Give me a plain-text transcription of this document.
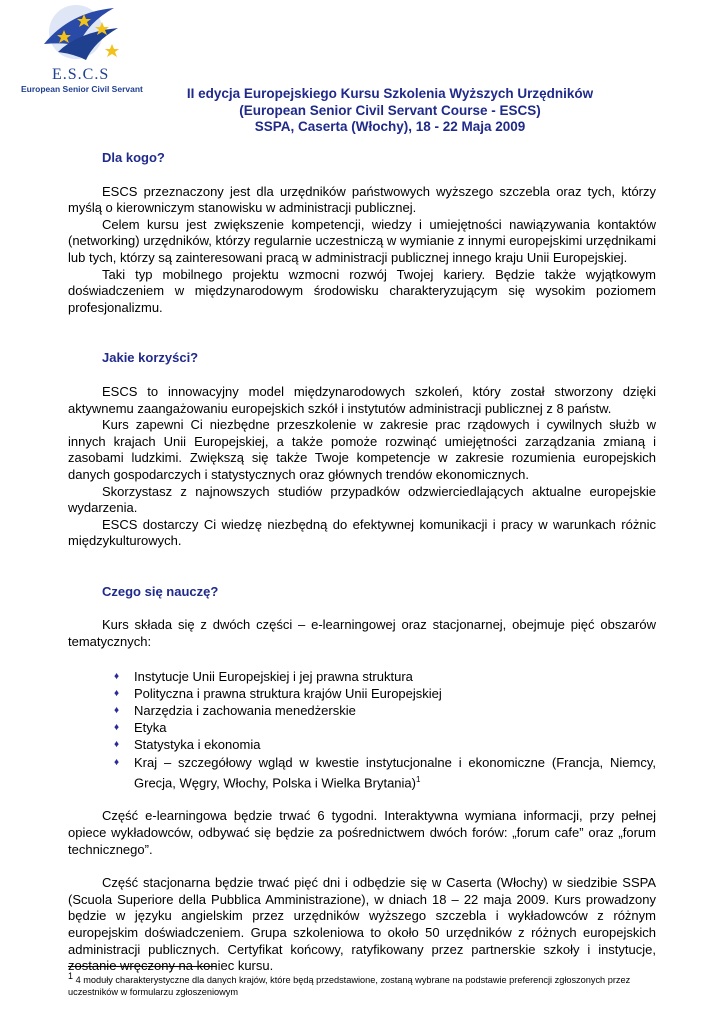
E.S.C.S
European Senior Civil Servant	II edycja Europejskiego Kursu Szkolenia Wyższych Urzędników
(European Senior Civil Servant Course - ESCS)
SSPA, Caserta (Włochy), 18 - 22 Maja 2009
Dla kogo?

ESCS przeznaczony jest dla urzędników państwowych wyższego szczebla oraz tych, którzy myślą o kierowniczym stanowisku w administracji publicznej.

Celem kursu jest zwiększenie kompetencji, wiedzy i umiejętności nawiązywania kontaktów (networking) urzędników, którzy regularnie uczestniczą w wymianie z innymi europejskimi urzędnikami lub tych, którzy są zainteresowani pracą w administracji publicznej innego kraju Unii Europejskiej.

Taki typ mobilnego projektu wzmocni rozwój Twojej kariery. Będzie także wyjątkowym doświadczeniem w międzynarodowym środowisku charakteryzującym się wysokim poziomem profesjonalizmu.

Jakie korzyści?

ESCS to innowacyjny model międzynarodowych szkoleń, który został stworzony dzięki aktywnemu zaangażowaniu europejskich szkół i instytutów administracji publicznej z 8 państw.

Kurs zapewni Ci niezbędne przeszkolenie w zakresie prac rządowych i cywilnych służb w innych krajach Unii Europejskiej, a także pomoże rozwinąć umiejętności zarządzania zmianą i zasobami ludzkimi. Zwiększą się także Twoje kompetencje w zakresie rozumienia europejskich danych gospodarczych i statystycznych oraz głównych trendów ekonomicznych.

Skorzystasz z najnowszych studiów przypadków odzwierciedlających aktualne europejskie wydarzenia.

ESCS dostarczy Ci wiedzę niezbędną do efektywnej komunikacji i pracy w warunkach różnic międzykulturowych.

Czego się nauczę?

Kurs składa się z dwóch części – e-learningowej oraz stacjonarnej, obejmuje pięć obszarów tematycznych:

♦ Instytucje Unii Europejskiej i jej prawna struktura
♦ Polityczna i prawna struktura krajów Unii Europejskiej
♦ Narzędzia i zachowania menedżerskie
♦ Etyka
♦ Statystyka i ekonomia
♦ Kraj – szczegółowy wgląd w kwestie instytucjonalne i ekonomiczne (Francja, Niemcy, Grecja, Węgry, Włochy, Polska i Wielka Brytania)$^1$

Część e-learningowa będzie trwać 6 tygodni. Interaktywna wymiana informacji, przy pełnej opiece wykładowców, odbywać się będzie za pośrednictwem dwóch forów: „forum cafe” oraz „forum technicznego”.

Część stacjonarna będzie trwać pięć dni i odbędzie się w Caserta (Włochy) w siedzibie SSPA (Scuola Superiore della Pubblica Amministrazione), w dniach 18 – 22 maja 2009. Kurs prowadzony będzie w języku angielskim przez urzędników wyższego szczebla i wykładowców z różnym europejskim doświadczeniem. Grupa szkoleniowa to około 50 urzędników z różnych europejskich administracji publicznych. Certyfikat końcowy, ratyfikowany przez partnerskie szkoły i instytucje, zostanie wręczony na koniec kursu.

$^1$ 4 moduły charakterystyczne dla danych krajów, które będą przedstawione, zostaną wybrane na podstawie preferencji zgłoszonych przez uczestników w formularzu zgłoszeniowym
